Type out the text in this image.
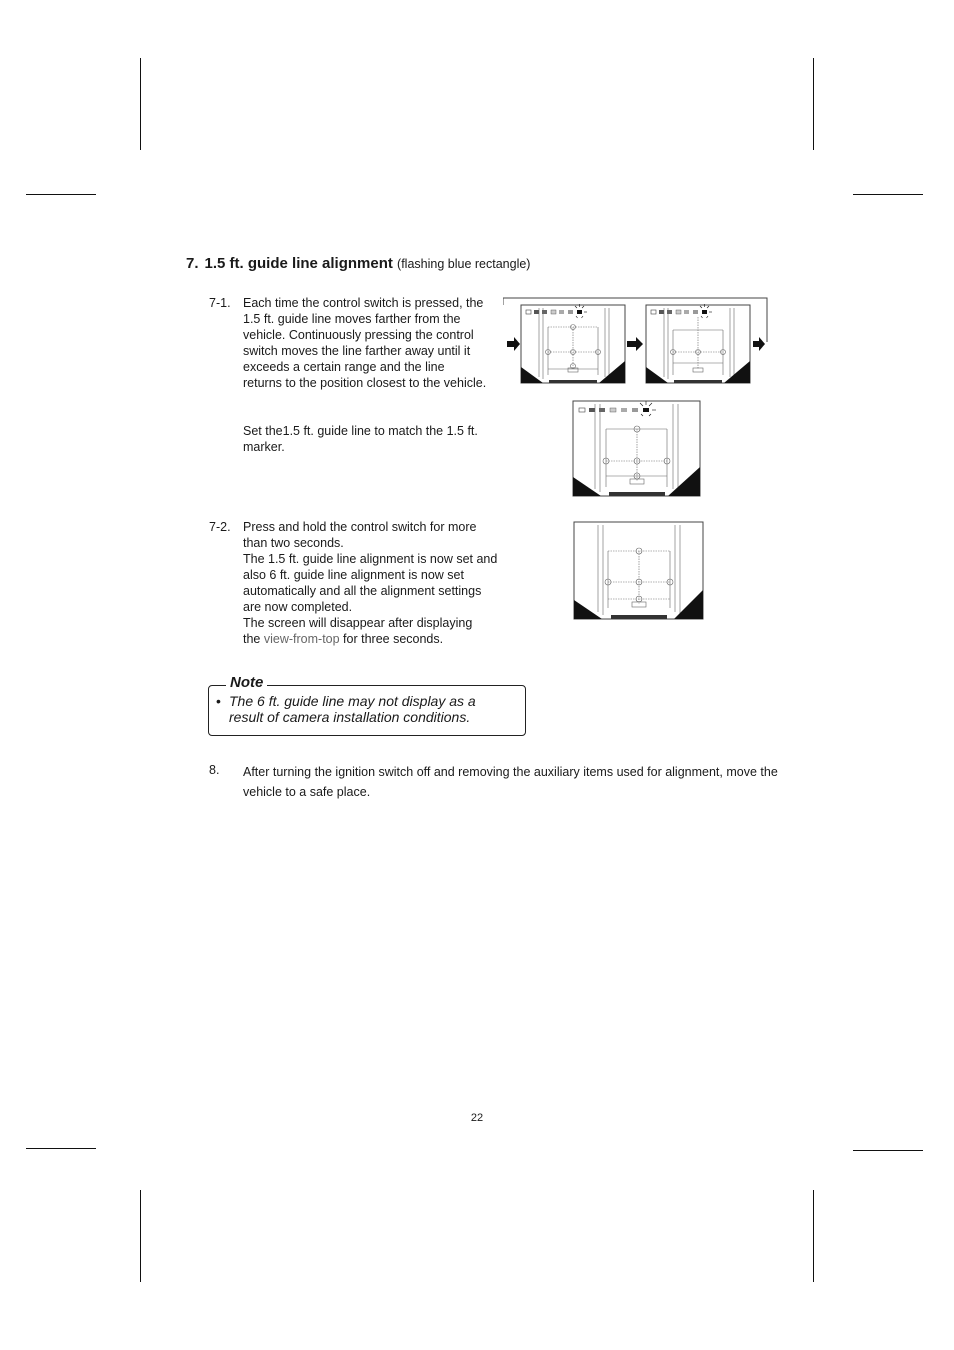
7. 1.5 ft. guide line alignment (flashing blue rectangle)
7-1. Each time the control switch is pressed, the
1.5 ft. guide line moves farther from the
vehicle. Continuously pressing the control
switch moves the line farther away until it
exceeds a certain range and the line
returns to the position closest to the vehicle.
Set the1.5 ft. guide line to match the 1.5 ft.
marker.
7-2. Press and hold the control switch for more
than two seconds.
The 1.5 ft. guide line alignment is now set and
also 6 ft. guide line alignment is now set
automatically and all the alignment settings
are now completed.
The screen will disappear after displaying
the view-from-top for three seconds.
Note
• The 6 ft. guide line may not display as a
result of camera installation conditions.
8. After turning the ignition switch off and removing the auxiliary items used for alignment, move the
vehicle to a safe place.
22
